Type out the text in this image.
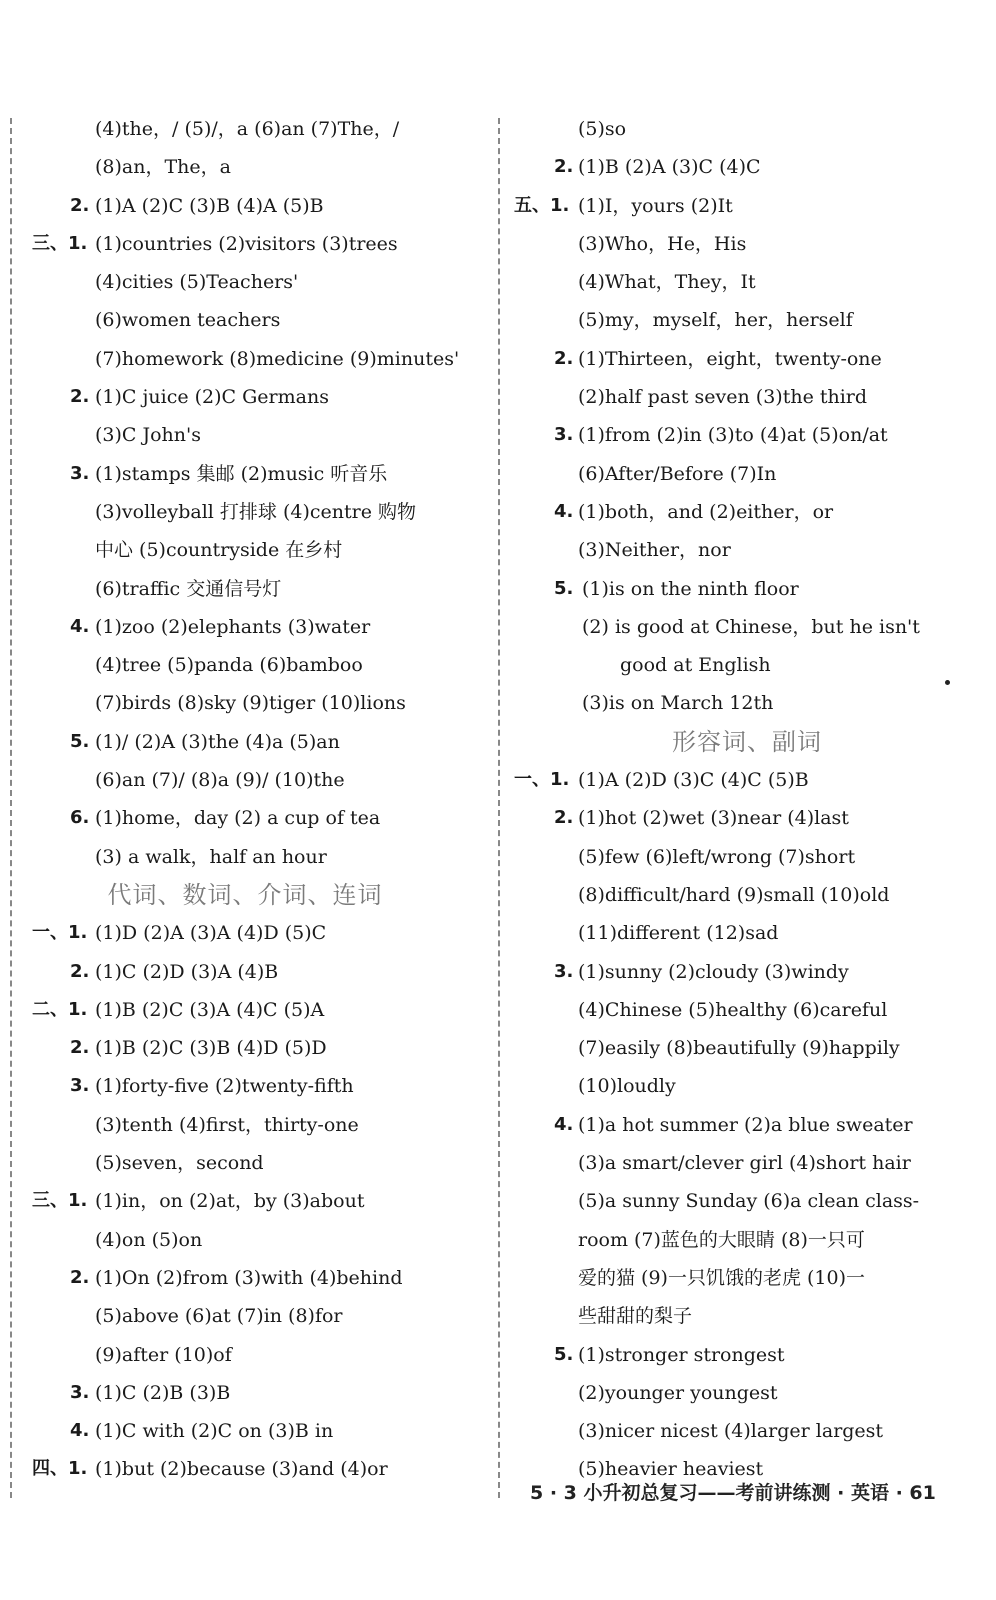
(4)the，/ (5)/，a (6)an (7)The，/
(8)an，The，a
2. (1)A (2)C (3)B (4)A (5)B
三、1. (1)countries (2)visitors (3)trees
(4)cities (5)Teachers'
(6)women teachers
(7)homework (8)medicine (9)minutes'
2. (1)C juice (2)C Germans
(3)C John's
3. (1)stamps 集邮 (2)music 听音乐
(3)volleyball 打排球 (4)centre 购物
中心 (5)countryside 在乡村
(6)traffic 交通信号灯
4. (1)zoo (2)elephants (3)water
(4)tree (5)panda (6)bamboo
(7)birds (8)sky (9)tiger (10)lions
5. (1)/ (2)A (3)the (4)a (5)an
(6)an (7)/ (8)a (9)/ (10)the
6. (1)home，day (2) a cup of tea
(3) a walk，half an hour
代词、数词、介词、连词
一、1. (1)D (2)A (3)A (4)D (5)C
2. (1)C (2)D (3)A (4)B
二、1. (1)B (2)C (3)A (4)C (5)A
2. (1)B (2)C (3)B (4)D (5)D
3. (1)forty-five (2)twenty-fifth
(3)tenth (4)first，thirty-one
(5)seven，second
三、1. (1)in，on (2)at，by (3)about
(4)on (5)on
2. (1)On (2)from (3)with (4)behind
(5)above (6)at (7)in (8)for
(9)after (10)of
3. (1)C (2)B (3)B
4. (1)C with (2)C on (3)B in
四、1. (1)but (2)because (3)and (4)or
(5)so
2. (1)B (2)A (3)C (4)C
五、1. (1)I，yours (2)It
(3)Who，He，His
(4)What，They，It
(5)my，myself，her，herself
2. (1)Thirteen，eight，twenty-one
(2)half past seven (3)the third
3. (1)from (2)in (3)to (4)at (5)on/at
(6)After/Before (7)In
4. (1)both，and (2)either，or
(3)Neither，nor
5. (1)is on the ninth floor
(2) is good at Chinese，but he isn't
good at English
(3)is on March 12th
形容词、副词
一、1. (1)A (2)D (3)C (4)C (5)B
2. (1)hot (2)wet (3)near (4)last
(5)few (6)left/wrong (7)short
(8)difficult/hard (9)small (10)old
(11)different (12)sad
3. (1)sunny (2)cloudy (3)windy
(4)Chinese (5)healthy (6)careful
(7)easily (8)beautifully (9)happily
(10)loudly
4. (1)a hot summer (2)a blue sweater
(3)a smart/clever girl (4)short hair
(5)a sunny Sunday (6)a clean class-
room (7)蓝色的大眼睛 (8)一只可
爱的猫 (9)一只饥饿的老虎 (10)一
些甜甜的梨子
5. (1)stronger strongest
(2)younger youngest
(3)nicer nicest (4)larger largest
(5)heavier heaviest
5 · 3 小升初总复习——考前讲练测 · 英语 · 61
